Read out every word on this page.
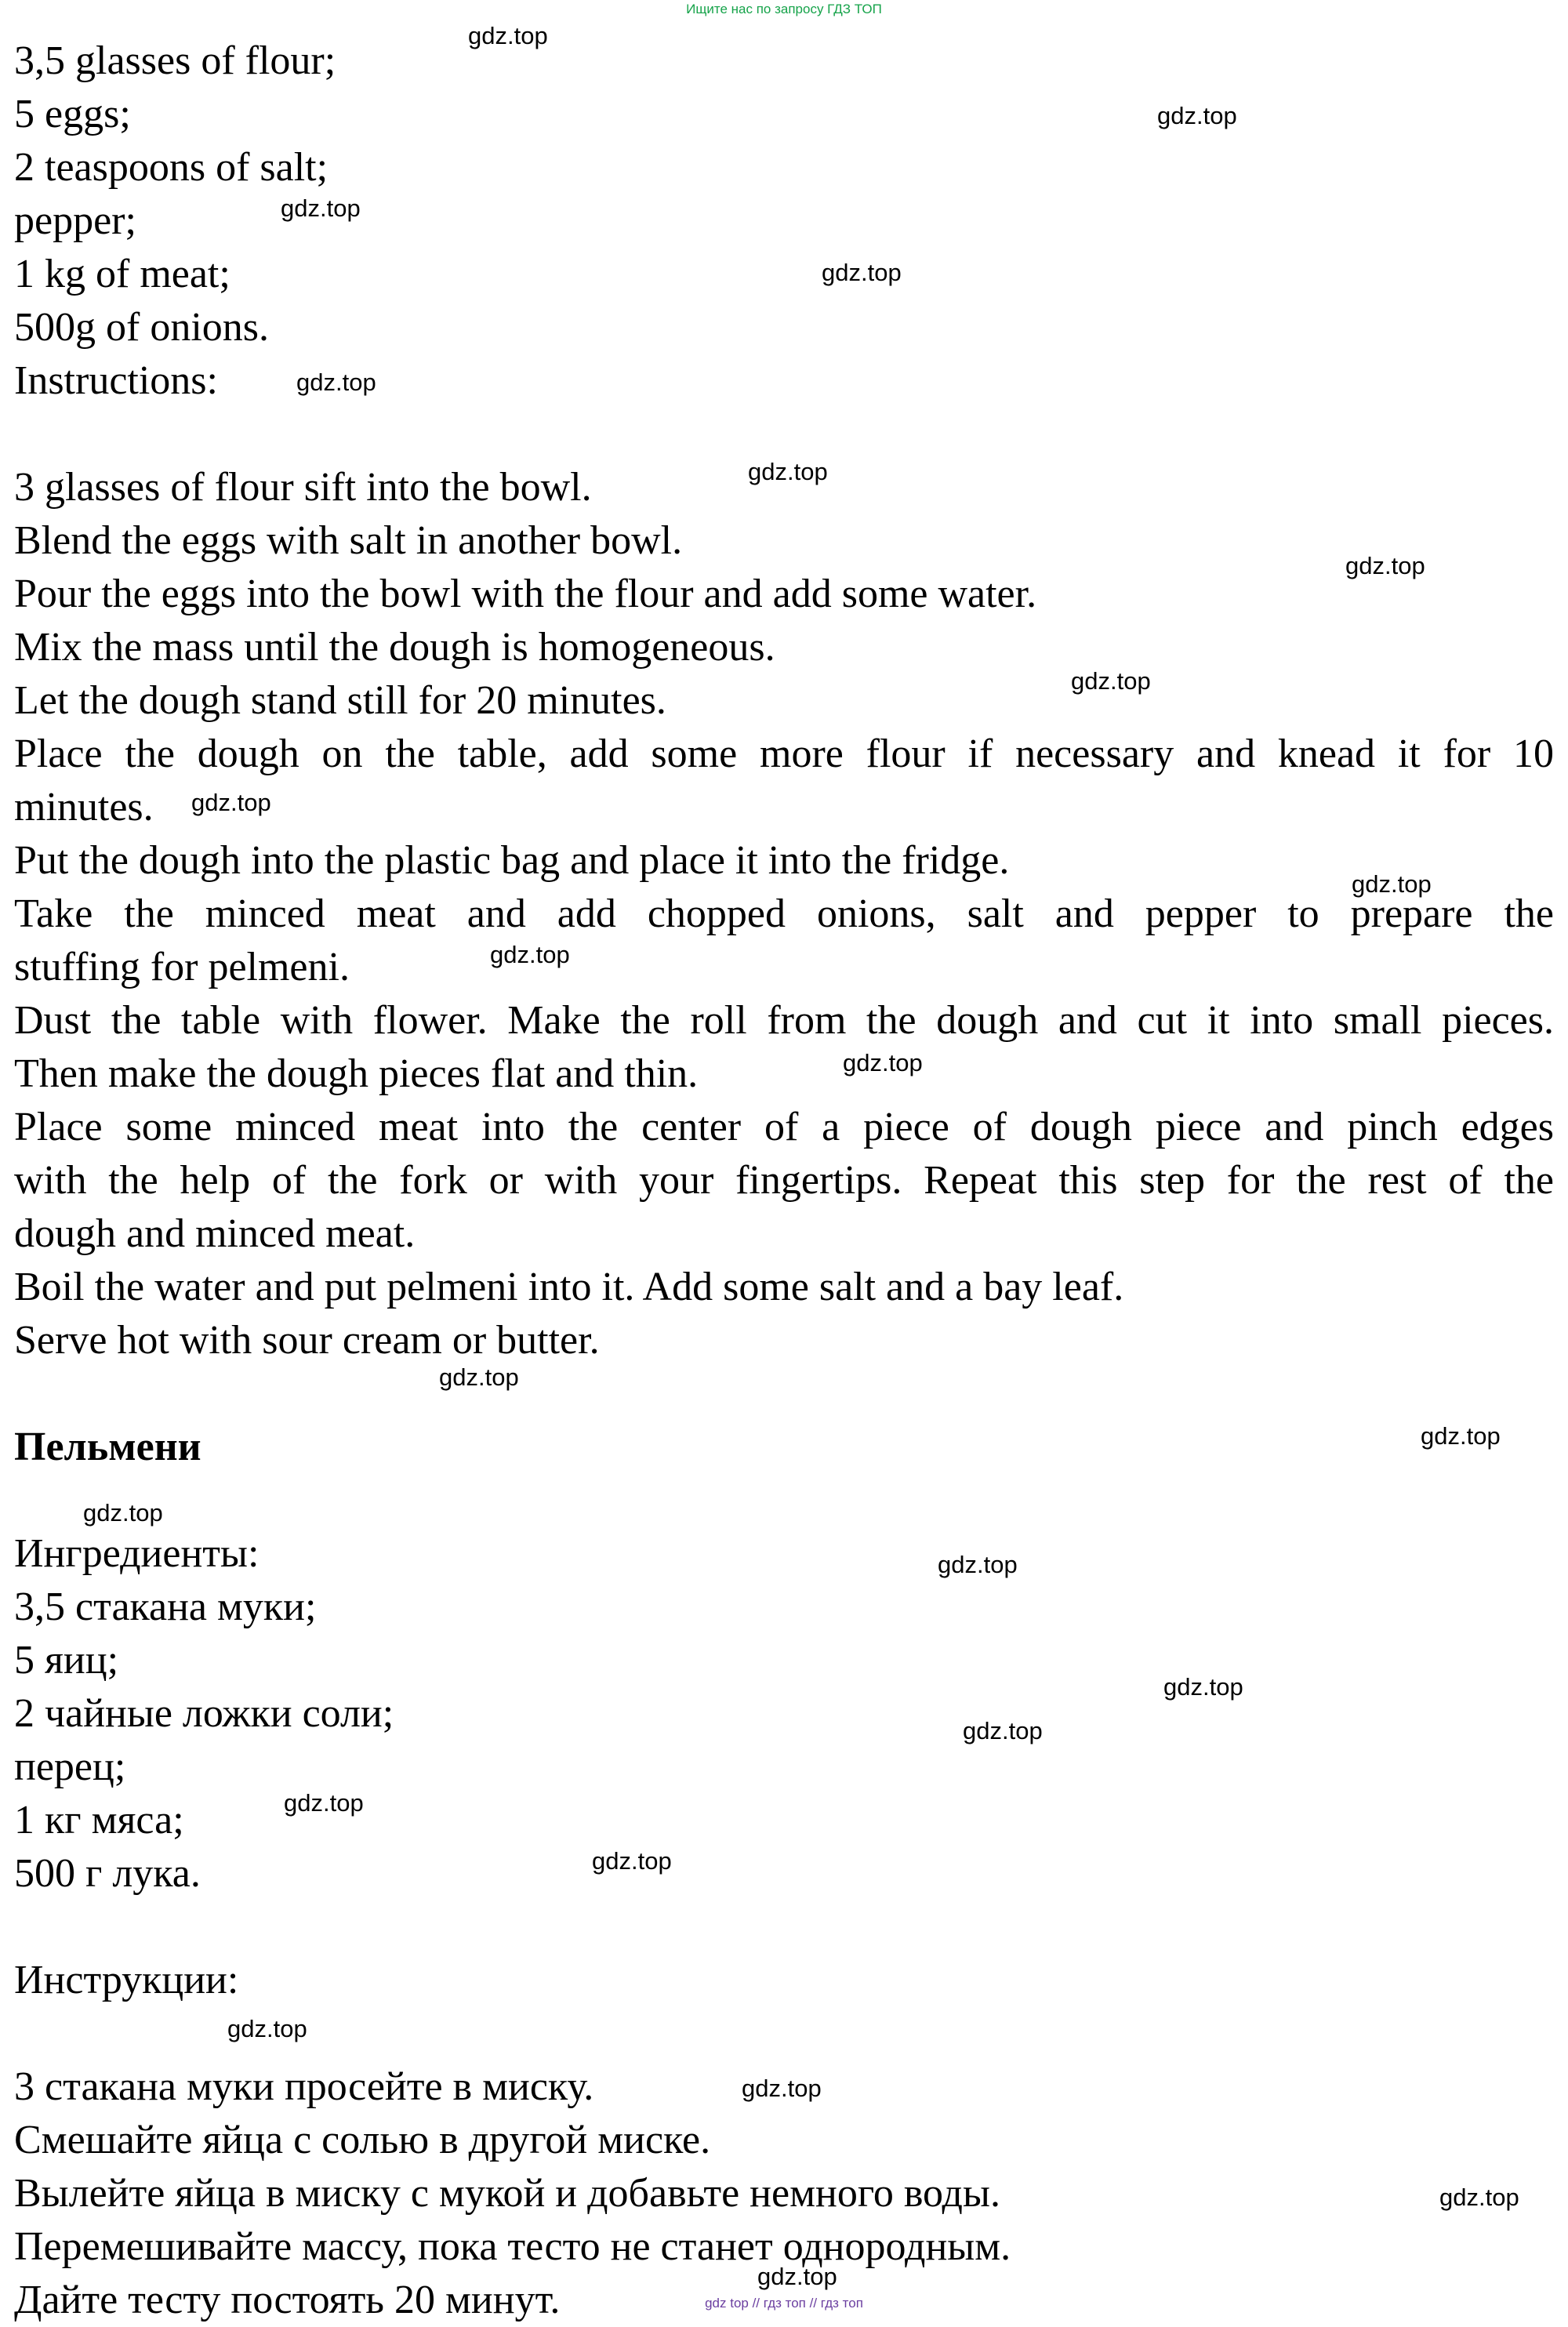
Ищите нас по запросу ГДЗ ТОП

3,5 glasses of flour;

5 eggs;

2 teaspoons of salt;

pepper;

1 kg of meat;

500g of onions.

Instructions:

3 glasses of flour sift into the bowl.

Blend the eggs with salt in another bowl.

Pour the eggs into the bowl with the flour and add some water.

Mix the mass until the dough is homogeneous.

Let the dough stand still for 20 minutes.

Place the dough on the table, add some more flour if necessary and knead it for 10

minutes.

Put the dough into the plastic bag and place it into the fridge.

Take the minced meat and add chopped onions, salt and pepper to prepare the

stuffing for pelmeni.

Dust the table with flower. Make the roll from the dough and cut it into small pieces.

Then make the dough pieces flat and thin.

Place some minced meat into the center of a piece of dough piece and pinch edges

with the help of the fork or with your fingertips. Repeat this step for the rest of the

dough and minced meat.

Boil the water and put pelmeni into it. Add some salt and a bay leaf.

Serve hot with sour cream or butter.

Пельмени

Ингредиенты:

3,5 стакана муки;

5 яиц;

2 чайные ложки соли;

перец;

1 кг мяса;

500 г лука.

Инструкции:

3 стакана муки просейте в миску.

Смешайте яйца с солью в другой миске.

Вылейте яйца в миску с мукой и добавьте немного воды.

Перемешивайте массу, пока тесто не станет однородным.

Дайте тесту постоять 20 минут.

gdz.top
gdz.top
gdz.top
gdz.top
gdz.top
gdz.top
gdz.top
gdz.top
gdz.top
gdz.top
gdz.top
gdz.top
gdz.top
gdz.top
gdz.top
gdz.top
gdz.top
gdz.top
gdz.top
gdz.top
gdz.top
gdz.top
gdz.top
gdz.top
gdz top // гдз топ // гдз топ
